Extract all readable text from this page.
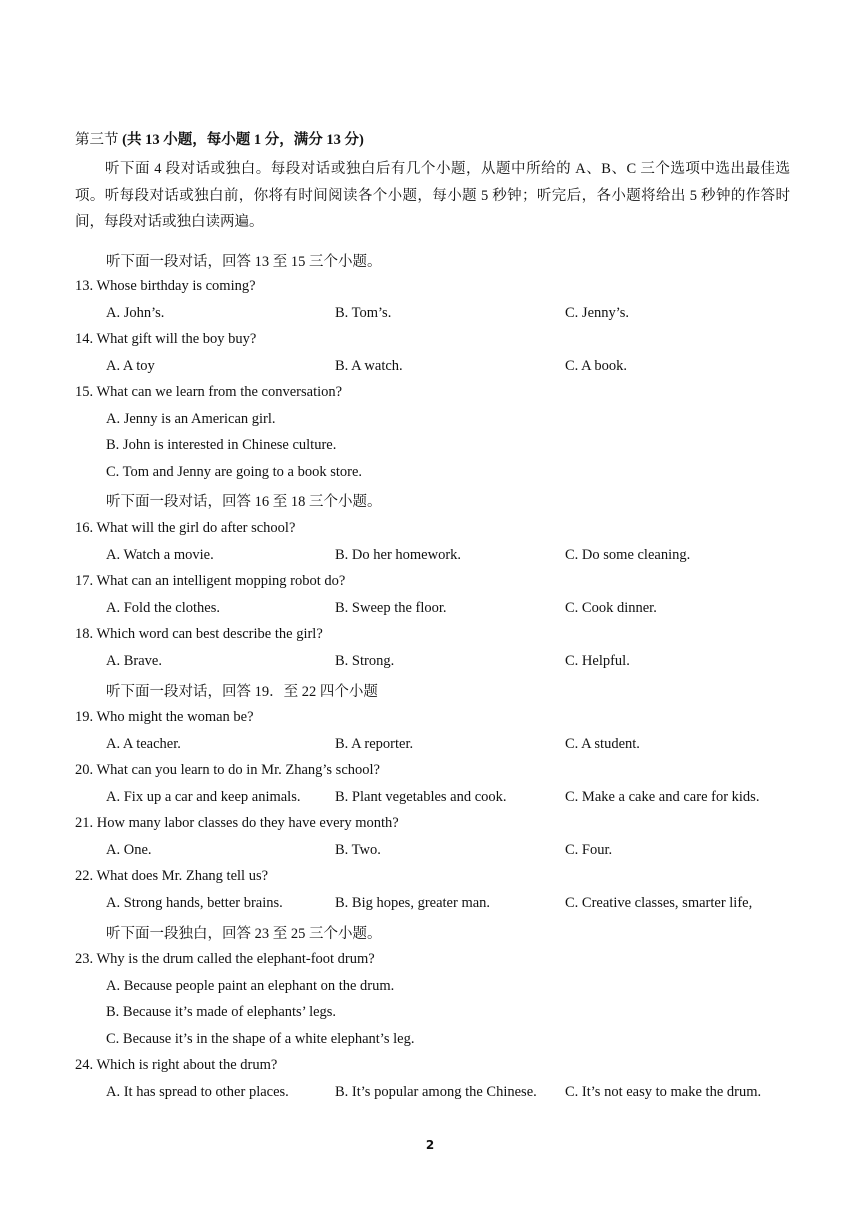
第三节 (共 13 小题，每小题 1 分，满分 13 分)
听下面 4 段对话或独白。每段对话或独白后有几个小题，从题中所给的 A、B、C 三个选项中选出最佳选项。听每段对话或独白前，你将有时间阅读各个小题，每小题 5 秒钟；听完后，各小题将给出 5 秒钟的作答时间，每段对话或独白读两遍。
听下面一段对话，回答 13 至 15 三个小题。
13. Whose birthday is coming?
A. John’s.	B. Tom’s.	C. Jenny’s.
14. What gift will the boy buy?
A. A toy	B. A watch.	C. A book.
15. What can we learn from the conversation?
A. Jenny is an American girl.
B. John is interested in Chinese culture.
C. Tom and Jenny are going to a book store.
听下面一段对话，回答 16 至 18 三个小题。
16. What will the girl do after school?
A. Watch a movie.	B. Do her homework.	C. Do some cleaning.
17. What can an intelligent mopping robot do?
A. Fold the clothes.	B. Sweep the floor.	C. Cook dinner.
18. Which word can best describe the girl?
A. Brave.	B. Strong.	C. Helpful.
听下面一段对话，回答 19．至 22 四个小题
19. Who might the woman be?
A. A teacher.	B. A reporter.	C. A student.
20. What can you learn to do in Mr. Zhang’s school?
A. Fix up a car and keep animals. B. Plant vegetables and cook.	C. Make a cake and care for kids.
21. How many labor classes do they have every month?
A. One.	B. Two.	C. Four.
22. What does Mr. Zhang tell us?
A. Strong hands, better brains.	B. Big hopes, greater man.	C. Creative classes, smarter life,
听下面一段独白，回答 23 至 25 三个小题。
23. Why is the drum called the elephant-foot drum?
A. Because people paint an elephant on the drum.
B. Because it’s made of elephants’ legs.
C. Because it’s in the shape of a white elephant’s leg.
24. Which is right about the drum?
A. It has spread to other places.	B. It’s popular among the Chinese. C. It’s not easy to make the drum.
2
